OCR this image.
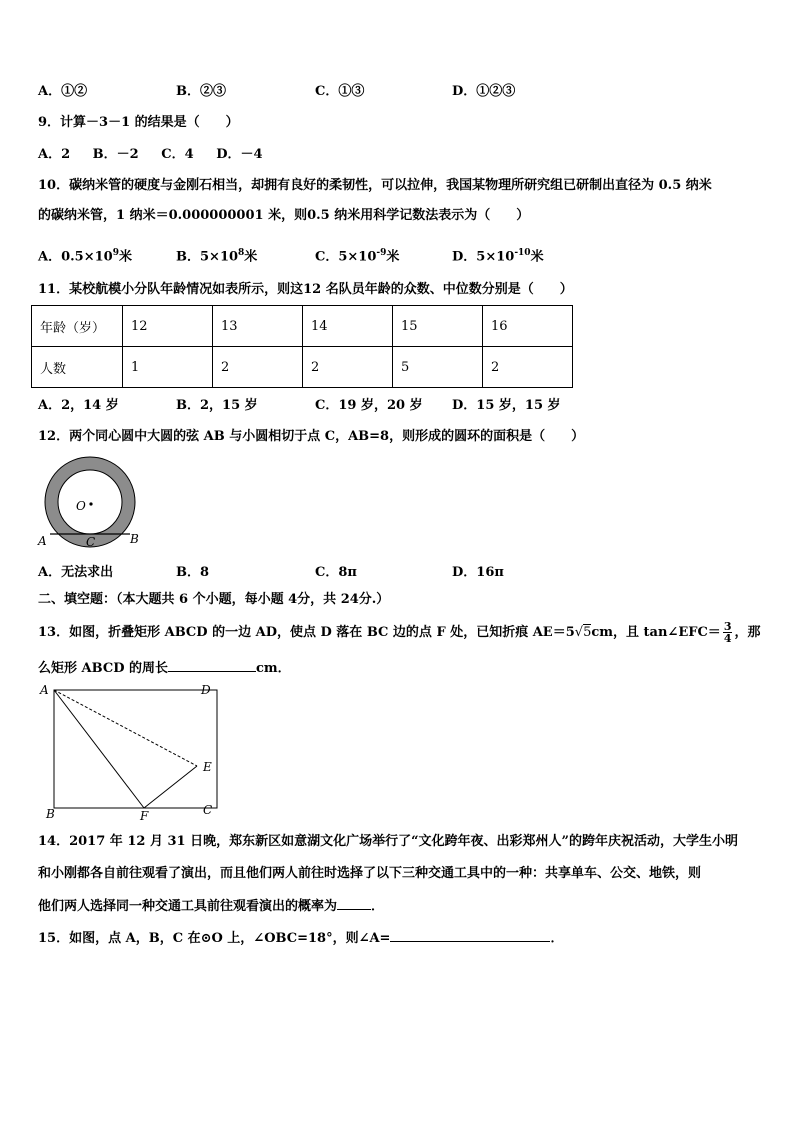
A．①②	B．②③	C．①③	D．①②③
9．计算－3－1 的结果是（　　）
A．2 B．－2 C．4 D．－4
10．碳纳米管的硬度与金刚石相当，却拥有良好的柔韧性，可以拉伸，我国某物理所研究组已研制出直径为 0.5 纳米
的碳纳米管，1 纳米＝0.000000001 米，则0.5 纳米用科学记数法表示为（　　）
A．$0.5\times 10^9$米	B．$5\times 10^8$米	C．$5\times 10^{-9}$米	D．$5\times 10^{-10}$米
11．某校航模小分队年龄情况如表所示，则这12 名队员年龄的众数、中位数分别是（　　）
年龄（岁）	12	13	14	15	16
人数	1	2	2	5	2
A．2，14 岁	B．2，15 岁	C．19 岁，20 岁 D．15 岁，15 岁
12．两个同心圆中大圆的弦 AB 与小圆相切于点 C，AB=8，则形成的圆环的面积是（　　）
O
A	C	B
A．无法求出	B．8	C．8π	D．16π
二、填空题：（本大题共 6 个小题，每小题 4分，共 24分.）
13．如图，折叠矩形 ABCD 的一边 AD，使点 D 落在 BC 边的点 F 处，已知折痕 AE＝5√5cm，且 tan∠EFC＝ $\frac{3}{4}$ ，那
么矩形 ABCD 的周长	cm．
A	D
E
B	F	C
14．2017 年 12 月 31 日晚，郑东新区如意湖文化广场举行了“文化跨年夜、出彩郑州人”的跨年庆祝活动，大学生小明
和小刚都各自前往观看了演出，而且他们两人前往时选择了以下三种交通工具中的一种：共享单车、公交、地铁，则
他们两人选择同一种交通工具前往观看演出的概率为	．
15．如图，点 A，B，C 在⊙O 上，∠OBC=18°，则∠A=	．
